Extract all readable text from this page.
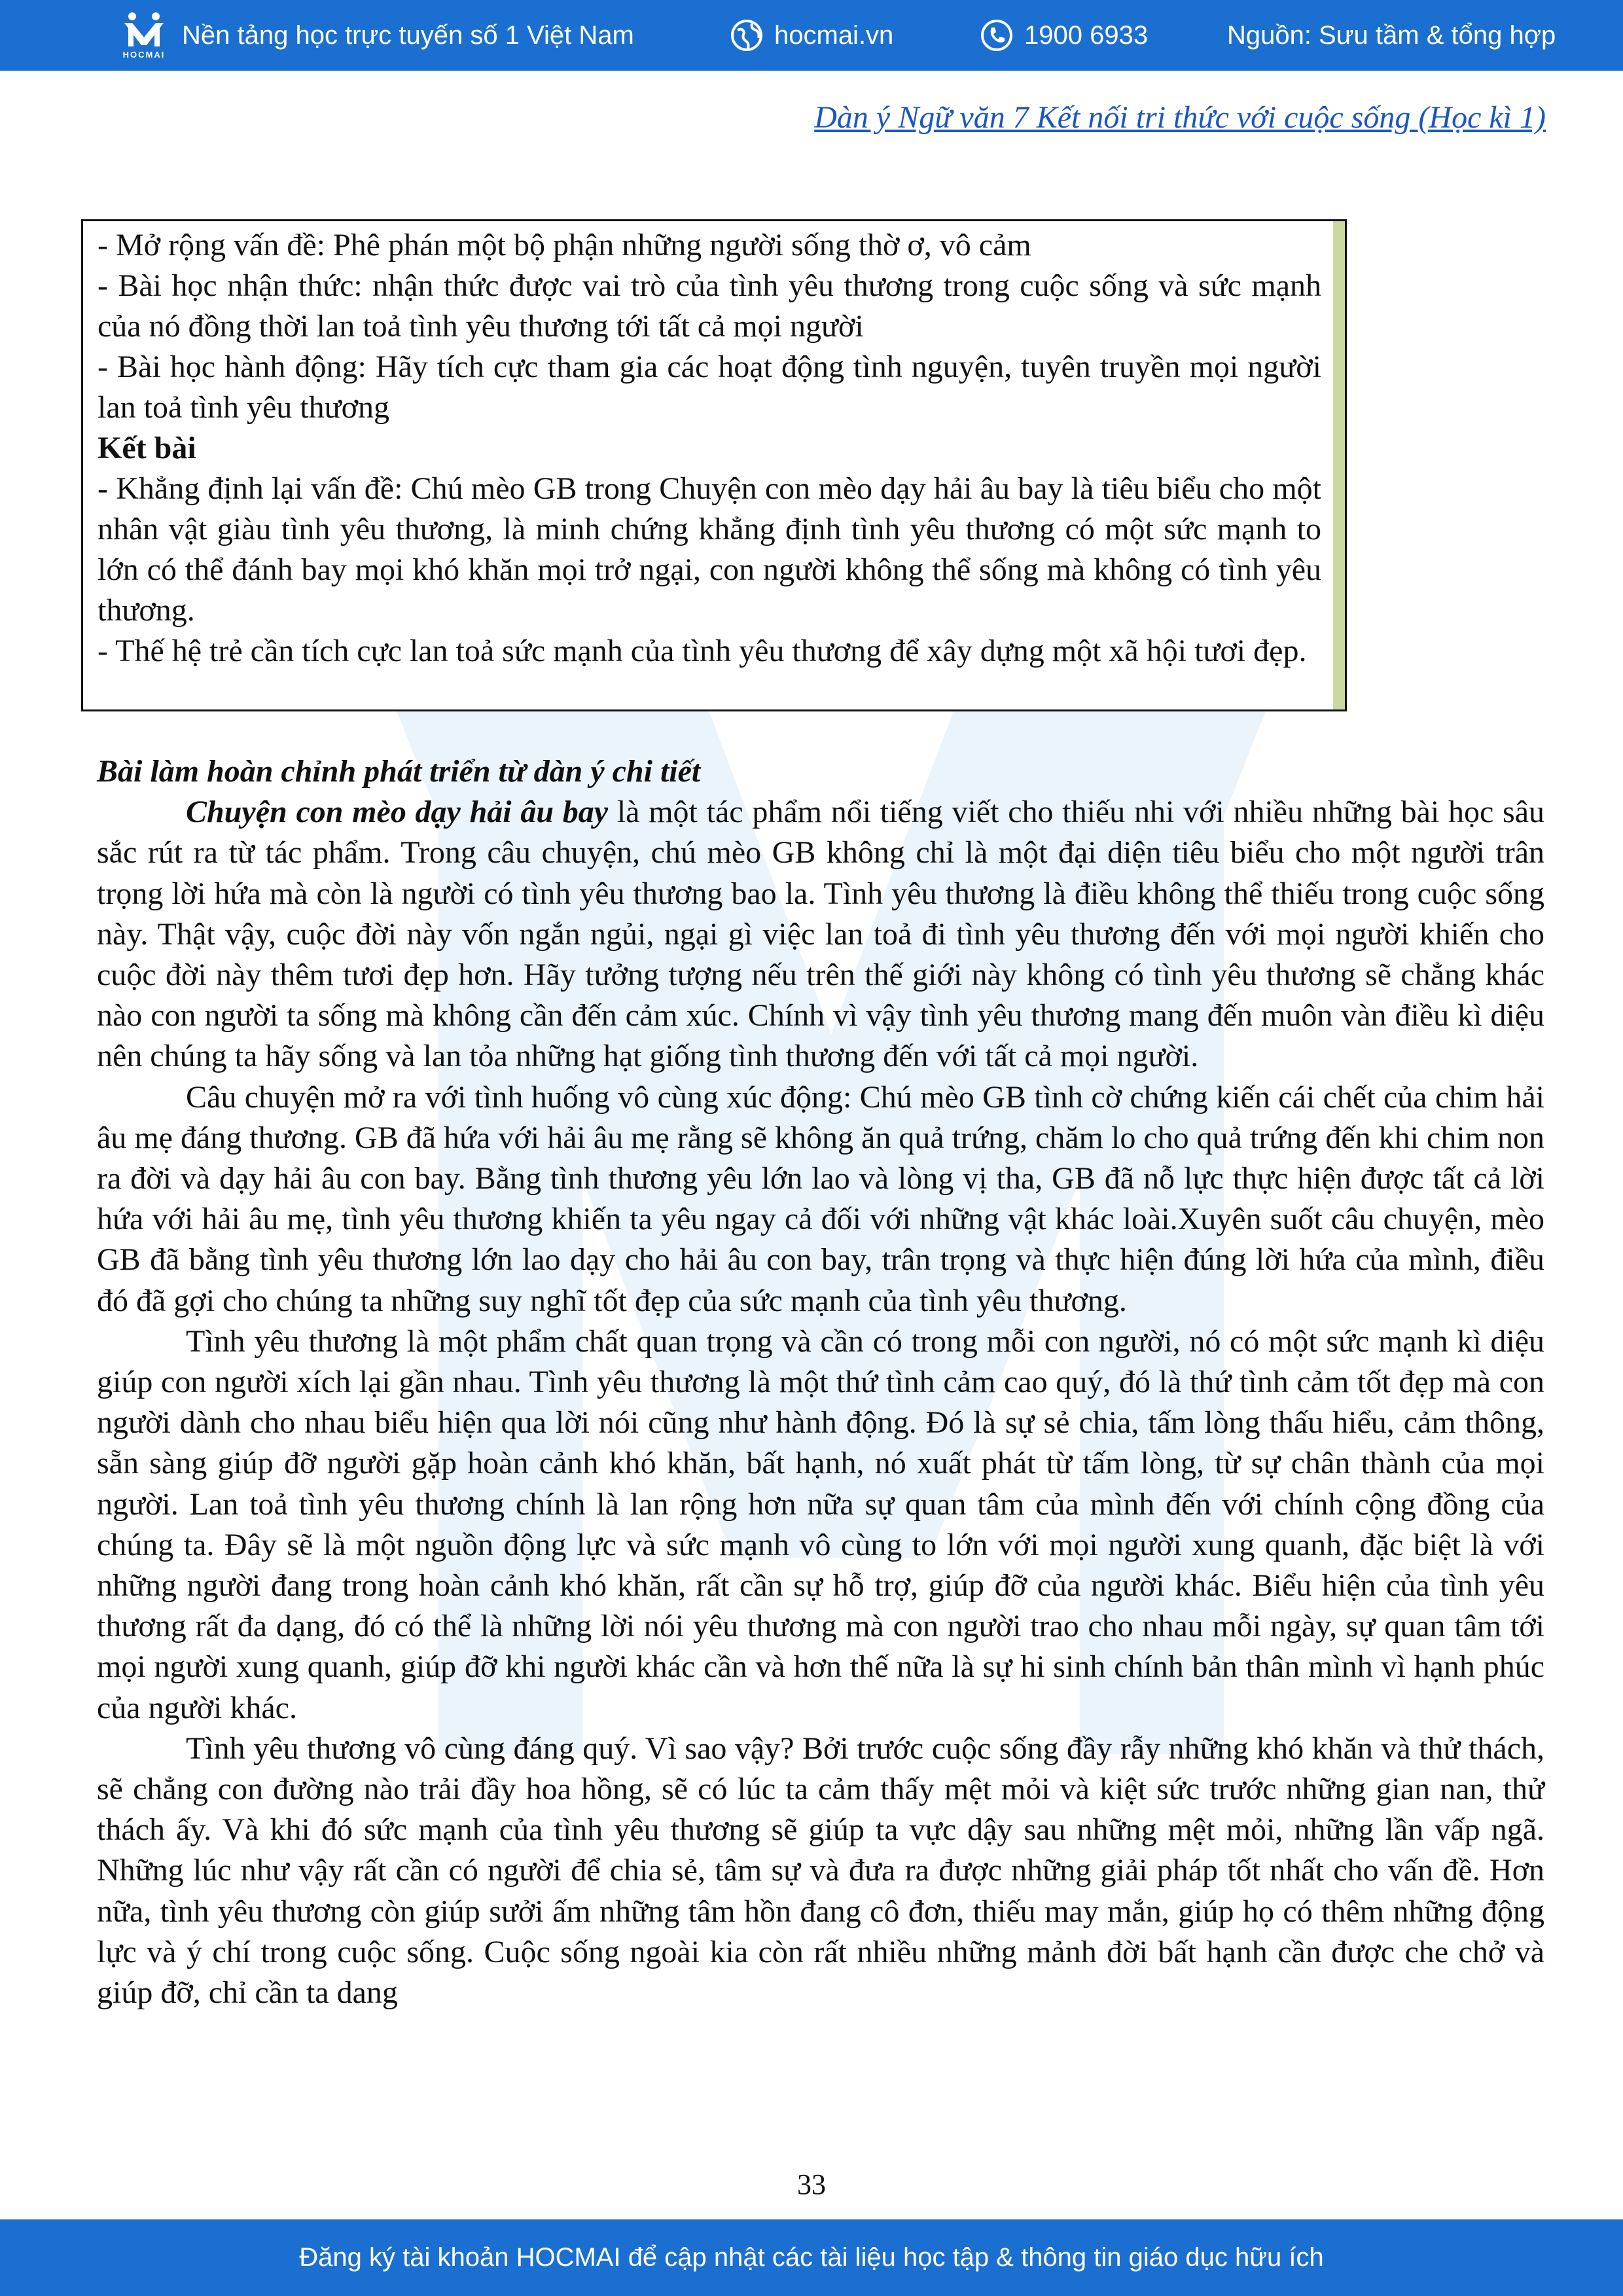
HOCMAI
Nền tảng học trực tuyến số 1 Việt Nam	hocmai.vn	1900 6933	Nguồn: Sưu tầm & tổng hợp
Dàn ý Ngữ văn 7 Kết nối tri thức với cuộc sống (Học kì 1)

- Mở rộng vấn đề: Phê phán một bộ phận những người sống thờ ơ, vô cảm

- Bài học nhận thức: nhận thức được vai trò của tình yêu thương trong cuộc sống và sức mạnh của nó đồng thời lan toả tình yêu thương tới tất cả mọi người

- Bài học hành động: Hãy tích cực tham gia các hoạt động tình nguyện, tuyên truyền mọi người lan toả tình yêu thương

Kết bài

- Khẳng định lại vấn đề: Chú mèo GB trong Chuyện con mèo dạy hải âu bay là tiêu biểu cho một nhân vật giàu tình yêu thương, là minh chứng khẳng định tình yêu thương có một sức mạnh to lớn có thể đánh bay mọi khó khăn mọi trở ngại, con người không thể sống mà không có tình yêu thương.

- Thế hệ trẻ cần tích cực lan toả sức mạnh của tình yêu thương để xây dựng một xã hội tươi đẹp.

Bài làm hoàn chỉnh phát triển từ dàn ý chi tiết

Chuyện con mèo dạy hải âu bay là một tác phẩm nổi tiếng viết cho thiếu nhi với nhiều những bài học sâu sắc rút ra từ tác phẩm. Trong câu chuyện, chú mèo GB không chỉ là một đại diện tiêu biểu cho một người trân trọng lời hứa mà còn là người có tình yêu thương bao la. Tình yêu thương là điều không thể thiếu trong cuộc sống này. Thật vậy, cuộc đời này vốn ngắn ngủi, ngại gì việc lan toả đi tình yêu thương đến với mọi người khiến cho cuộc đời này thêm tươi đẹp hơn. Hãy tưởng tượng nếu trên thế giới này không có tình yêu thương sẽ chẳng khác nào con người ta sống mà không cần đến cảm xúc. Chính vì vậy tình yêu thương mang đến muôn vàn điều kì diệu nên chúng ta hãy sống và lan tỏa những hạt giống tình thương đến với tất cả mọi người.

Câu chuyện mở ra với tình huống vô cùng xúc động: Chú mèo GB tình cờ chứng kiến cái chết của chim hải âu mẹ đáng thương. GB đã hứa với hải âu mẹ rằng sẽ không ăn quả trứng, chăm lo cho quả trứng đến khi chim non ra đời và dạy hải âu con bay. Bằng tình thương yêu lớn lao và lòng vị tha, GB đã nỗ lực thực hiện được tất cả lời hứa với hải âu mẹ, tình yêu thương khiến ta yêu ngay cả đối với những vật khác loài.Xuyên suốt câu chuyện, mèo GB đã bằng tình yêu thương lớn lao dạy cho hải âu con bay, trân trọng và thực hiện đúng lời hứa của mình, điều đó đã gợi cho chúng ta những suy nghĩ tốt đẹp của sức mạnh của tình yêu thương.

Tình yêu thương là một phẩm chất quan trọng và cần có trong mỗi con người, nó có một sức mạnh kì diệu giúp con người xích lại gần nhau. Tình yêu thương là một thứ tình cảm cao quý, đó là thứ tình cảm tốt đẹp mà con người dành cho nhau biểu hiện qua lời nói cũng như hành động. Đó là sự sẻ chia, tấm lòng thấu hiểu, cảm thông, sẵn sàng giúp đỡ người gặp hoàn cảnh khó khăn, bất hạnh, nó xuất phát từ tấm lòng, từ sự chân thành của mọi người. Lan toả tình yêu thương chính là lan rộng hơn nữa sự quan tâm của mình đến với chính cộng đồng của chúng ta. Đây sẽ là một nguồn động lực và sức mạnh vô cùng to lớn với mọi người xung quanh, đặc biệt là với những người đang trong hoàn cảnh khó khăn, rất cần sự hỗ trợ, giúp đỡ của người khác. Biểu hiện của tình yêu thương rất đa dạng, đó có thể là những lời nói yêu thương mà con người trao cho nhau mỗi ngày, sự quan tâm tới mọi người xung quanh, giúp đỡ khi người khác cần và hơn thế nữa là sự hi sinh chính bản thân mình vì hạnh phúc của người khác.

Tình yêu thương vô cùng đáng quý. Vì sao vậy? Bởi trước cuộc sống đầy rẫy những khó khăn và thử thách, sẽ chẳng con đường nào trải đầy hoa hồng, sẽ có lúc ta cảm thấy mệt mỏi và kiệt sức trước những gian nan, thử thách ấy. Và khi đó sức mạnh của tình yêu thương sẽ giúp ta vực dậy sau những mệt mỏi, những lần vấp ngã. Những lúc như vậy rất cần có người để chia sẻ, tâm sự và đưa ra được những giải pháp tốt nhất cho vấn đề. Hơn nữa, tình yêu thương còn giúp sưởi ấm những tâm hồn đang cô đơn, thiếu may mắn, giúp họ có thêm những động lực và ý chí trong cuộc sống. Cuộc sống ngoài kia còn rất nhiều những mảnh đời bất hạnh cần được che chở và giúp đỡ, chỉ cần ta dang

33
Đăng ký tài khoản HOCMAI để cập nhật các tài liệu học tập & thông tin giáo dục hữu ích
